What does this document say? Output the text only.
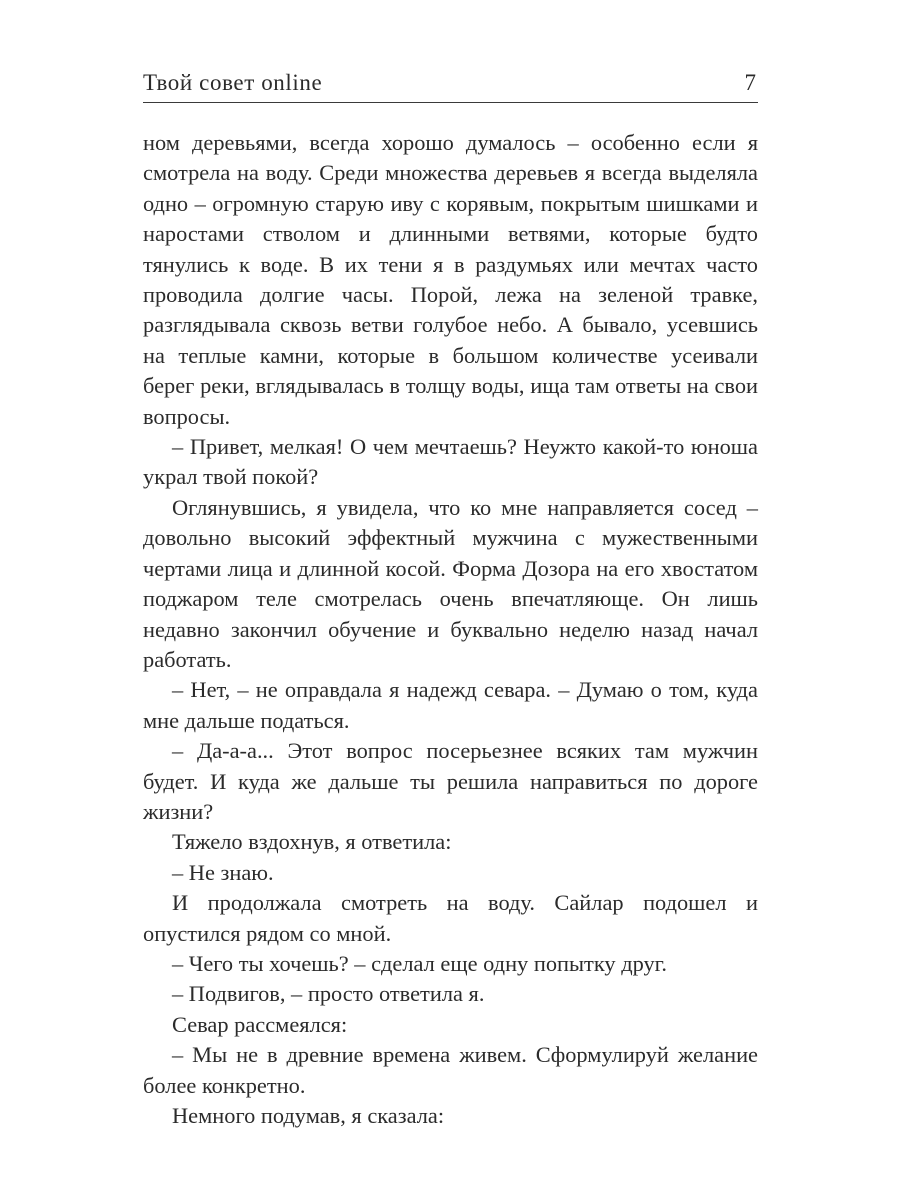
Твой совет online	7

ном деревьями, всегда хорошо думалось – особенно если я смотрела на воду. Среди множества деревьев я всегда выделяла одно – огромную старую иву с корявым, покрытым шишками и наростами стволом и длинными ветвями, которые будто тянулись к воде. В их тени я в раздумьях или мечтах часто проводила долгие часы. Порой, лежа на зеленой травке, разглядывала сквозь ветви голубое небо. А бывало, усевшись на теплые камни, которые в большом количестве усеивали берег реки, вглядывалась в толщу воды, ища там ответы на свои вопросы.

– Привет, мелкая! О чем мечтаешь? Неужто какой-то юноша украл твой покой?

Оглянувшись, я увидела, что ко мне направляется сосед – довольно высокий эффектный мужчина с мужественными чертами лица и длинной косой. Форма Дозора на его хвостатом поджаром теле смотрелась очень впечатляюще. Он лишь недавно закончил обучение и буквально неделю назад начал работать.

– Нет, – не оправдала я надежд севара. – Думаю о том, куда мне дальше податься.

– Да-а-а... Этот вопрос посерьезнее всяких там мужчин будет. И куда же дальше ты решила направиться по дороге жизни?

Тяжело вздохнув, я ответила:

– Не знаю.

И продолжала смотреть на воду. Сайлар подошел и опустился рядом со мной.

– Чего ты хочешь? – сделал еще одну попытку друг.

– Подвигов, – просто ответила я.

Севар рассмеялся:

– Мы не в древние времена живем. Сформулируй желание более конкретно.

Немного подумав, я сказала:
